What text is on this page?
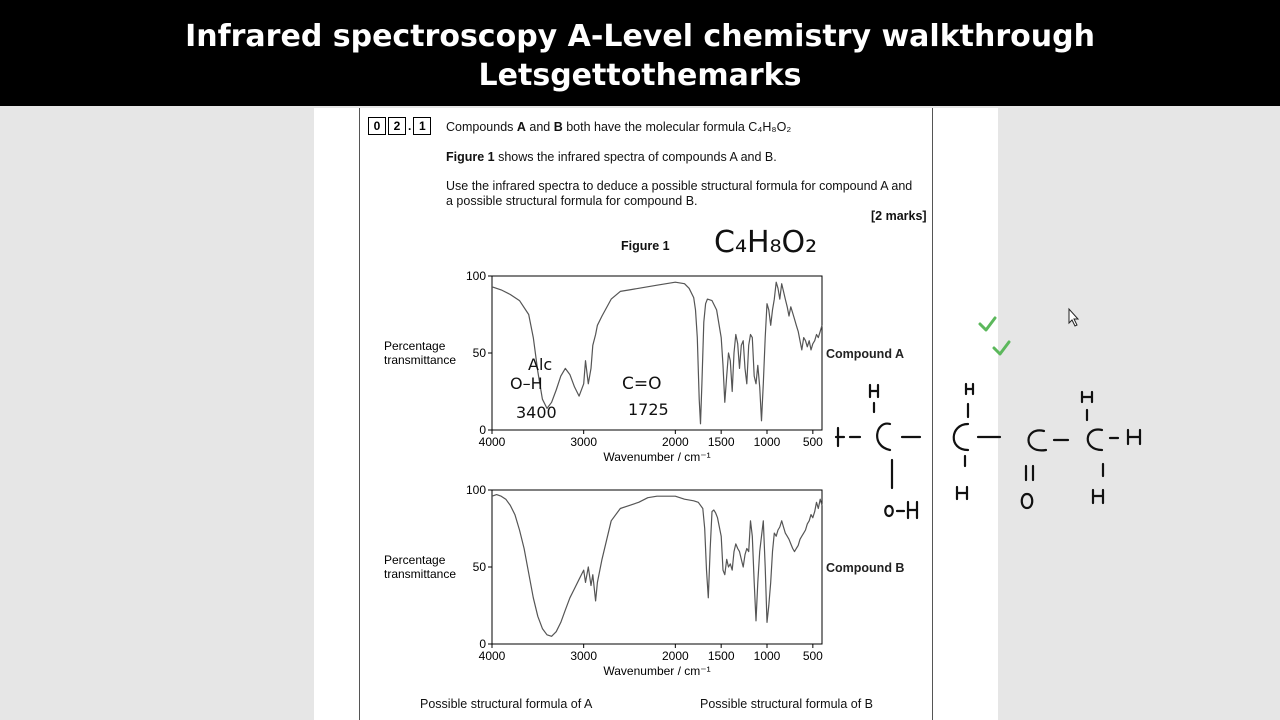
Infrared spectroscopy A-Level chemistry walkthrough
Letsgettothemarks
0	2 . 1	Compounds A and B both have the molecular formula C₄H₈O₂
Figure 1 shows the infrared spectra of compounds A and B.
Use the infrared spectra to deduce a possible structural formula for compound A and
a possible structural formula for compound B.
[2 marks]
Figure 1
Possible structural formula of A	Possible structural formula of B
0
50
100
4000	3000	2000 1500 1000 500
Wavenumber / cm⁻¹
Percentage transmittance	Compound A
0
50
100
4000	3000	2000 1500 1000 500
Wavenumber / cm⁻¹
Percentage transmittance	Compound B
C₄H₈O₂
Alc
O–H
3400
C=O
1725
